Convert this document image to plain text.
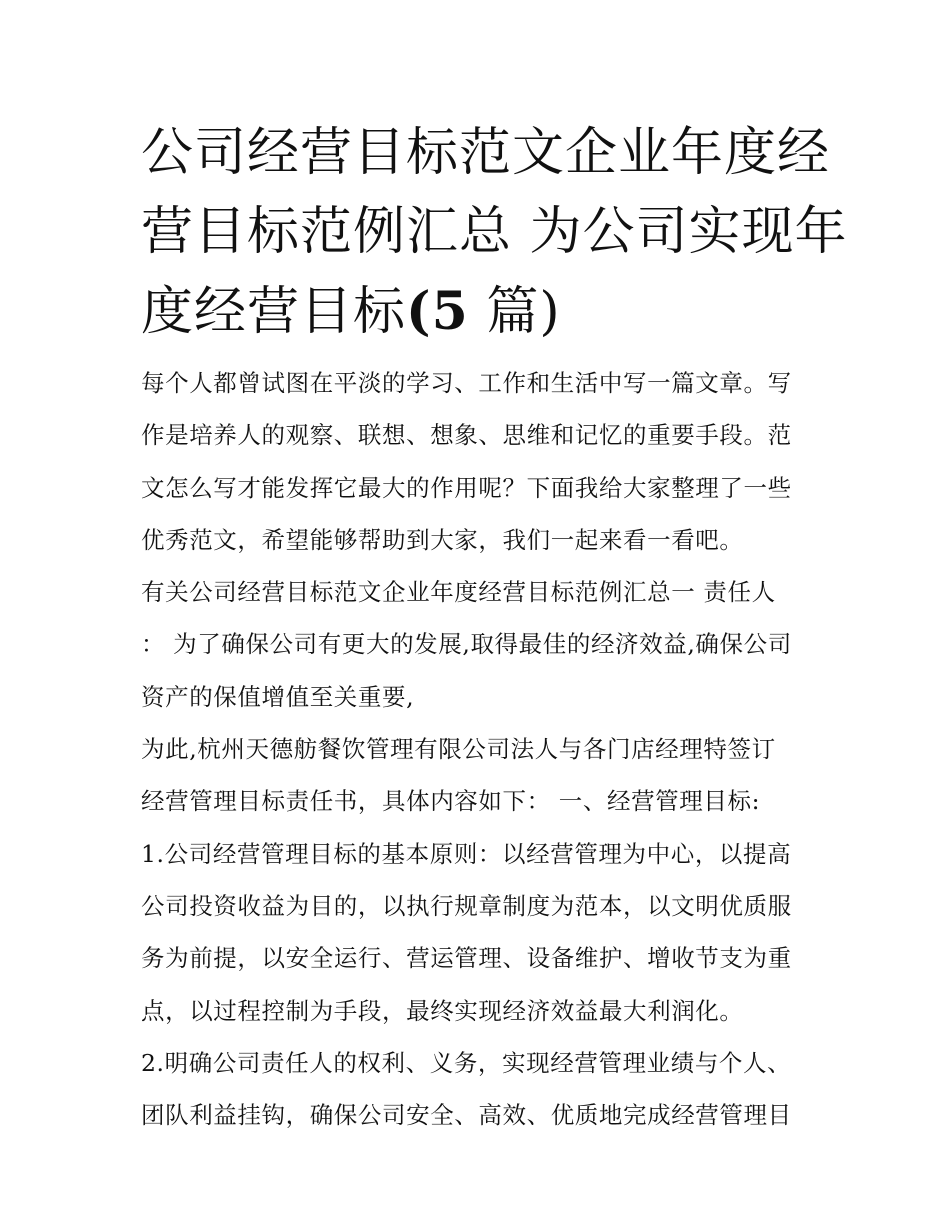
公司经营目标范文企业年度经
营目标范例汇总 为公司实现年
度经营目标(5 篇)
每个人都曾试图在平淡的学习、工作和生活中写一篇文章。写
作是培养人的观察、联想、想象、思维和记忆的重要手段。范
文怎么写才能发挥它最大的作用呢？下面我给大家整理了一些
优秀范文，希望能够帮助到大家，我们一起来看一看吧。
有关公司经营目标范文企业年度经营目标范例汇总一 责任人
： 为了确保公司有更大的发展,取得最佳的经济效益,确保公司
资产的保值增值至关重要,
为此,杭州天德舫餐饮管理有限公司法人与各门店经理特签订
经营管理目标责任书，具体内容如下： 一、经营管理目标:
1.公司经营管理目标的基本原则：以经营管理为中心，以提高
公司投资收益为目的，以执行规章制度为范本，以文明优质服
务为前提，以安全运行、营运管理、设备维护、增收节支为重
点，以过程控制为手段，最终实现经济效益最大利润化。
2.明确公司责任人的权利、义务，实现经营管理业绩与个人、
团队利益挂钩，确保公司安全、高效、优质地完成经营管理目
